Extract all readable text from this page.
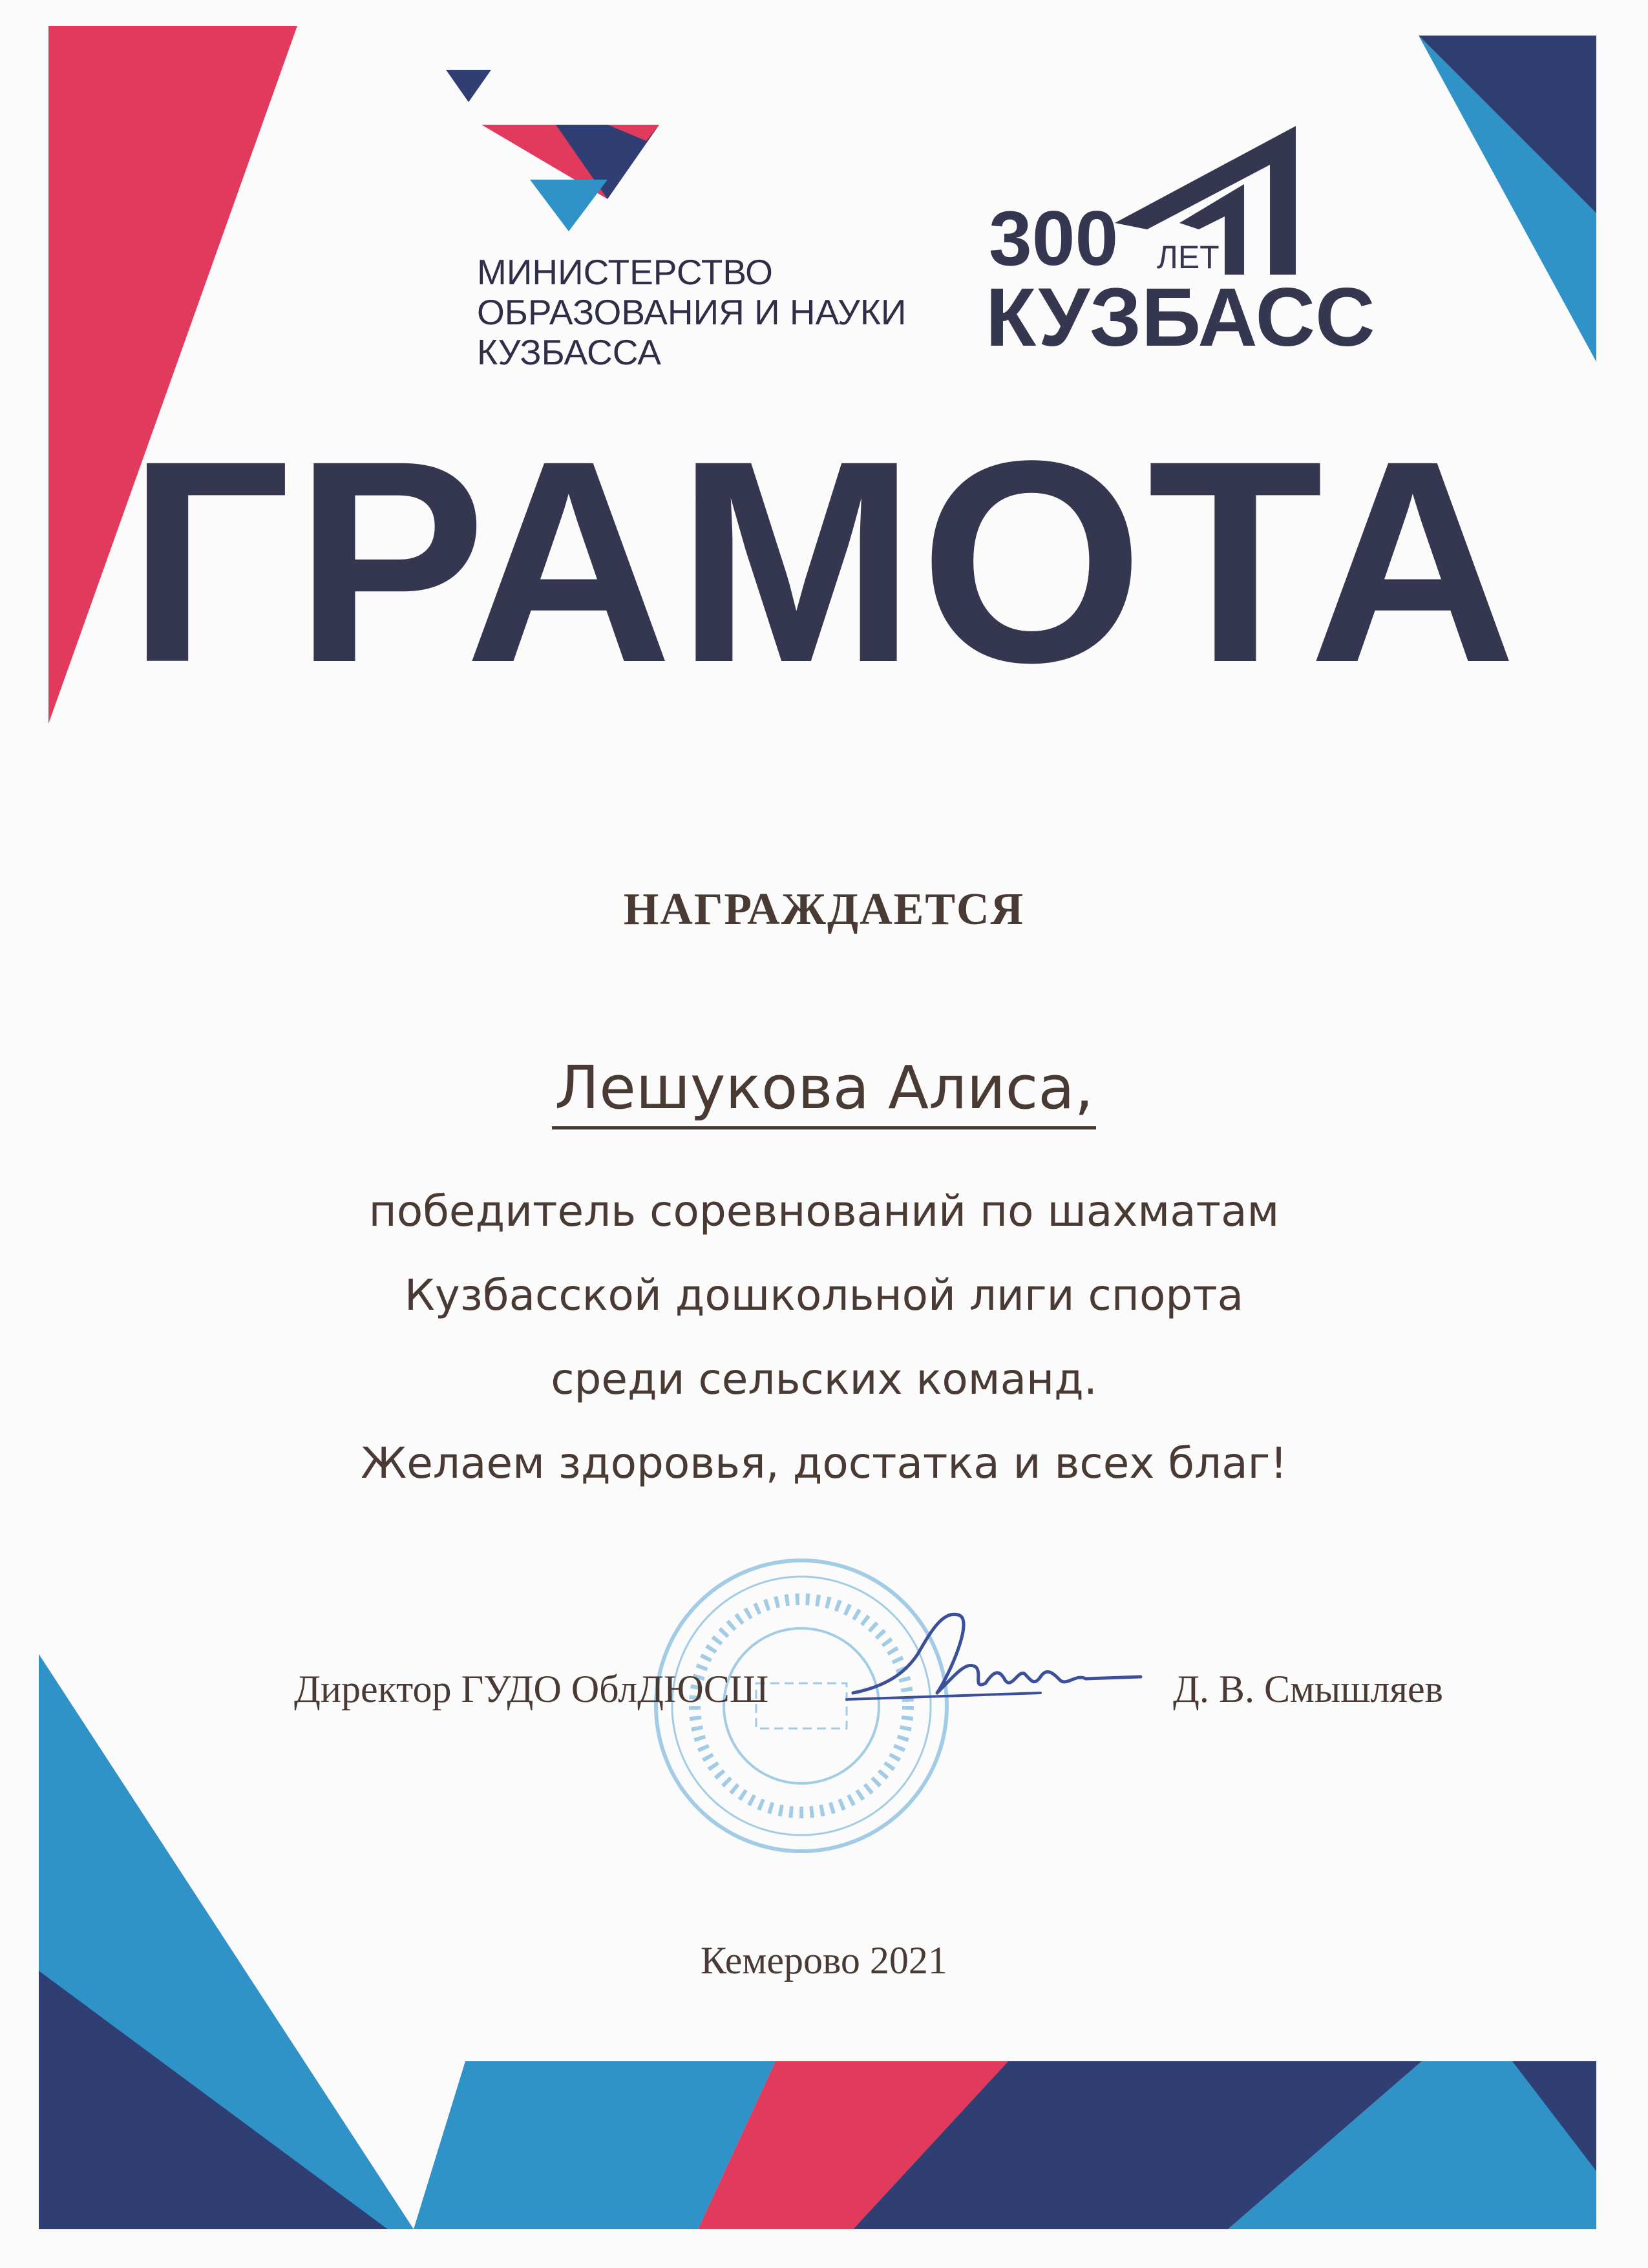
МИНИСТЕРСТВО
ОБРАЗОВАНИЯ И НАУКИ
КУЗБАССА
300 ЛЕТ
КУЗБАСС
ГРАМОТА
НАГРАЖДАЕТСЯ
Лешукова Алиса,
победитель соревнований по шахматам
Кузбасской дошкольной лиги спорта
среди сельских команд.
Желаем здоровья, достатка и всех благ!
Директор ГУДО ОблДЮСШ	Д. В. Смышляев
Кемерово 2021
